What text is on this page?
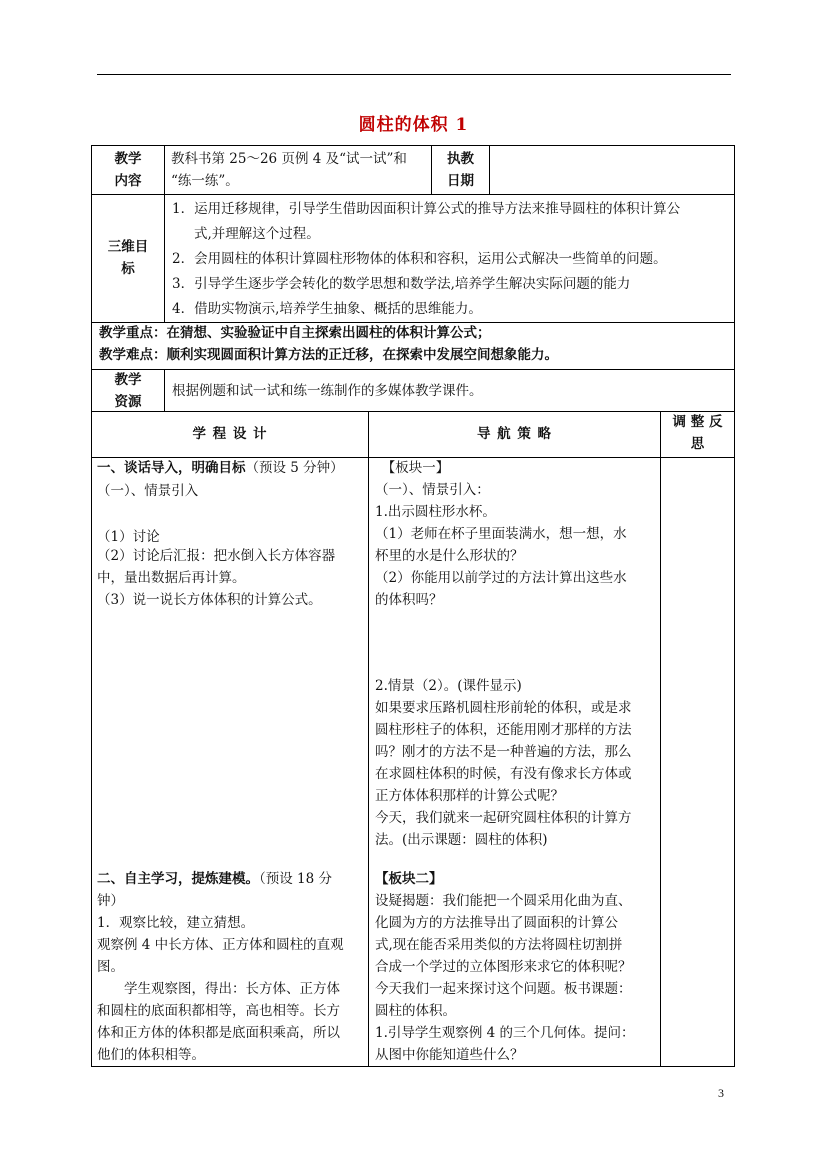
圆柱的体积 1
教学
内容
教科书第 25～26 页例 4 及“试一试”和
“练一练”。
执教
日期
三维目
标
1．运用迁移规律，引导学生借助因面积计算公式的推导方法来推导圆柱的体积计算公
式,并理解这个过程。
2．会用圆柱的体积计算圆柱形物体的体积和容积，运用公式解决一些简单的问题。
3．引导学生逐步学会转化的数学思想和数学法,培养学生解决实际问题的能力
4．借助实物演示,培养学生抽象、概括的思维能力。
教学重点：在猜想、实验验证中自主探索出圆柱的体积计算公式；
教学难点：顺利实现圆面积计算方法的正迁移，在探索中发展空间想象能力。
教学
资源
根据例题和试一试和练一练制作的多媒体教学课件。
学 程 设 计	导 航 策 略
调 整 反
思
一、谈话导入，明确目标（预设 5 分钟）
（一）、情景引入
（1）讨论
（2）讨论后汇报：把水倒入长方体容器
中，量出数据后再计算。
（3）说一说长方体体积的计算公式。
二、自主学习，提炼建模。（预设 18 分
钟）
1．观察比较，建立猜想。
观察例 4 中长方体、正方体和圆柱的直观
图。
　　学生观察图，得出：长方体、正方体
和圆柱的底面积都相等，高也相等。长方
体和正方体的体积都是底面积乘高，所以
他们的体积相等。
　【板块一】
（一）、情景引入：
1.出示圆柱形水杯。
（1）老师在杯子里面装满水，想一想，水
杯里的水是什么形状的？
（2）你能用以前学过的方法计算出这些水
的体积吗？
2.情景（2）。(课件显示)
如果要求压路机圆柱形前轮的体积，或是求
圆柱形柱子的体积，还能用刚才那样的方法
吗？刚才的方法不是一种普遍的方法，那么
在求圆柱体积的时候，有没有像求长方体或
正方体体积那样的计算公式呢？
今天，我们就来一起研究圆柱体积的计算方
法。(出示课题：圆柱的体积)
【板块二】
设疑揭题：我们能把一个圆采用化曲为直、
化圆为方的方法推导出了圆面积的计算公
式,现在能否采用类似的方法将圆柱切割拼
合成一个学过的立体图形来求它的体积呢？
今天我们一起来探讨这个问题。板书课题：
圆柱的体积。
1.引导学生观察例 4 的三个几何体。提问：
从图中你能知道些什么？
3
